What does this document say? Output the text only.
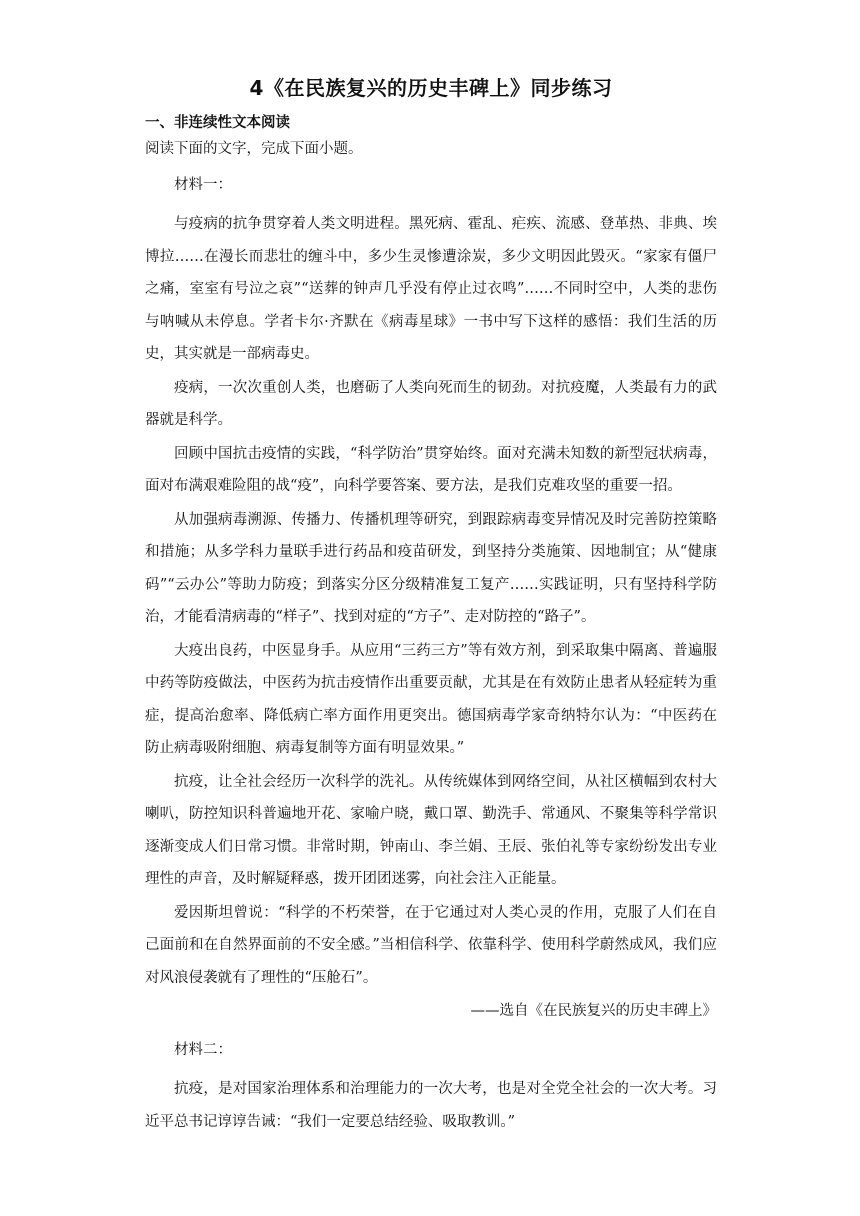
4《在民族复兴的历史丰碑上》同步练习
一、非连续性文本阅读
阅读下面的文字，完成下面小题。
材料一：

与疫病的抗争贯穿着人类文明进程。黑死病、霍乱、疟疾、流感、登革热、非典、埃博拉……在漫长而悲壮的缠斗中，多少生灵惨遭涂炭，多少文明因此毁灭。“家家有僵尸之痛，室室有号泣之哀”“送葬的钟声几乎没有停止过衣鸣”……不同时空中，人类的悲伤与呐喊从未停息。学者卡尔·齐默在《病毒星球》一书中写下这样的感悟：我们生活的历史，其实就是一部病毒史。

疫病，一次次重创人类，也磨砺了人类向死而生的韧劲。对抗疫魔，人类最有力的武器就是科学。

回顾中国抗击疫情的实践，“科学防治”贯穿始终。面对充满未知数的新型冠状病毒，面对布满艰难险阻的战“疫”，向科学要答案、要方法，是我们克难攻坚的重要一招。

从加强病毒溯源、传播力、传播机理等研究，到跟踪病毒变异情况及时完善防控策略和措施；从多学科力量联手进行药品和疫苗研发，到坚持分类施策、因地制宜；从“健康码”“云办公”等助力防疫；到落实分区分级精准复工复产……实践证明，只有坚持科学防治，才能看清病毒的“样子”、找到对症的“方子”、走对防控的“路子”。

大疫出良药，中医显身手。从应用“三药三方”等有效方剂，到采取集中隔离、普遍服中药等防疫做法，中医药为抗击疫情作出重要贡献，尤其是在有效防止患者从轻症转为重症，提高治愈率、降低病亡率方面作用更突出。德国病毒学家奇纳特尔认为：“中医药在防止病毒吸附细胞、病毒复制等方面有明显效果。”

抗疫，让全社会经历一次科学的洗礼。从传统媒体到网络空间，从社区横幅到农村大喇叭，防控知识科普遍地开花、家喻户晓，戴口罩、勤洗手、常通风、不聚集等科学常识逐渐变成人们日常习惯。非常时期，钟南山、李兰娟、王辰、张伯礼等专家纷纷发出专业理性的声音，及时解疑释惑，拨开团团迷雾，向社会注入正能量。

爱因斯坦曾说：“科学的不朽荣誉，在于它通过对人类心灵的作用，克服了人们在自己面前和在自然界面前的不安全感。”当相信科学、依靠科学、使用科学蔚然成风，我们应对风浪侵袭就有了理性的“压舱石”。

——选自《在民族复兴的历史丰碑上》
材料二：

抗疫，是对国家治理体系和治理能力的一次大考，也是对全党全社会的一次大考。习近平总书记谆谆告诫：“我们一定要总结经验、吸取教训。”
